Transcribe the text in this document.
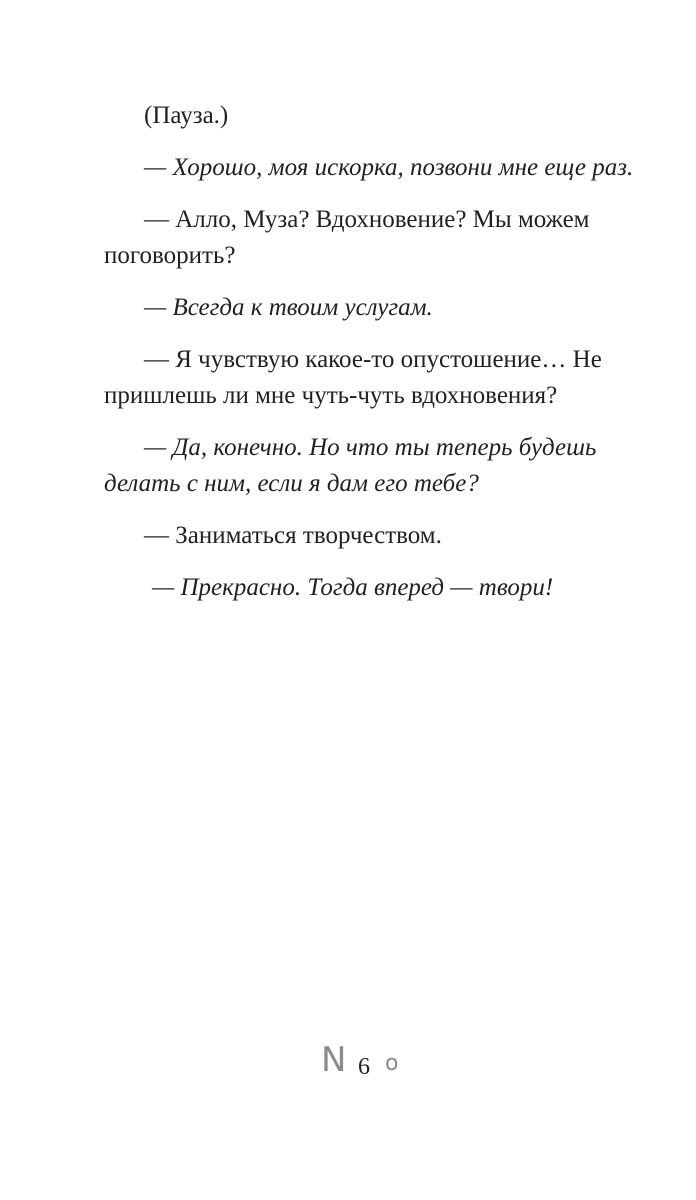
(Пауза.)

— Хорошо, моя искорка, позвони мне еще раз.

— Алло, Муза? Вдохновение? Мы можем поговорить?

— Всегда к твоим услугам.

— Я чувствую какое-то опустошение… Не пришлешь ли мне чуть-чуть вдохновения?

— Да, конечно. Но что ты теперь будешь делать с ним, если я дам его тебе?

— Заниматься творчеством.

— Прекрасно. Тогда вперед — твори!

N 6 o
